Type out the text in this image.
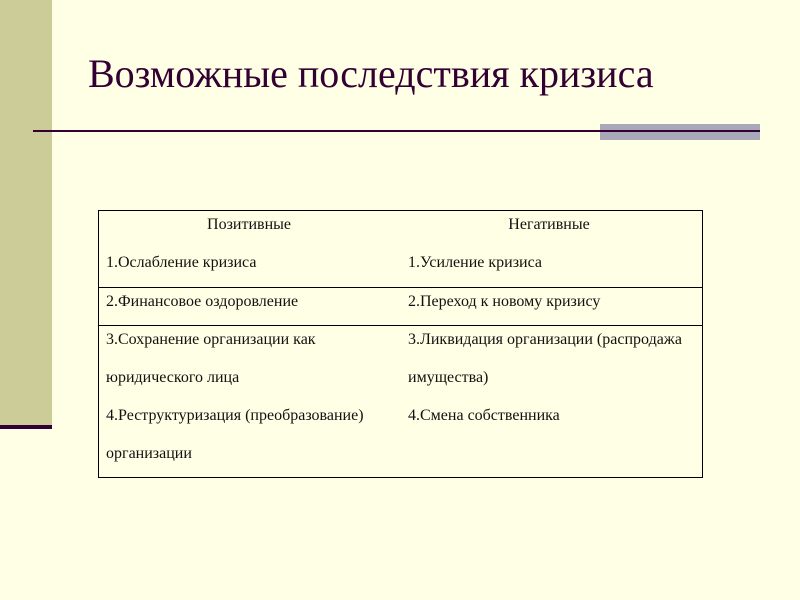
Возможные последствия кризиса
Позитивные
1.Ослабление кризиса
Негативные
1.Усиление кризиса
2.Финансовое оздоровление	2.Переход к новому кризису
3.Сохранение организации как
юридического лица
4.Реструктуризация (преобразование)
организации
3.Ликвидация организации (распродажа
имущества)
4.Смена собственника
